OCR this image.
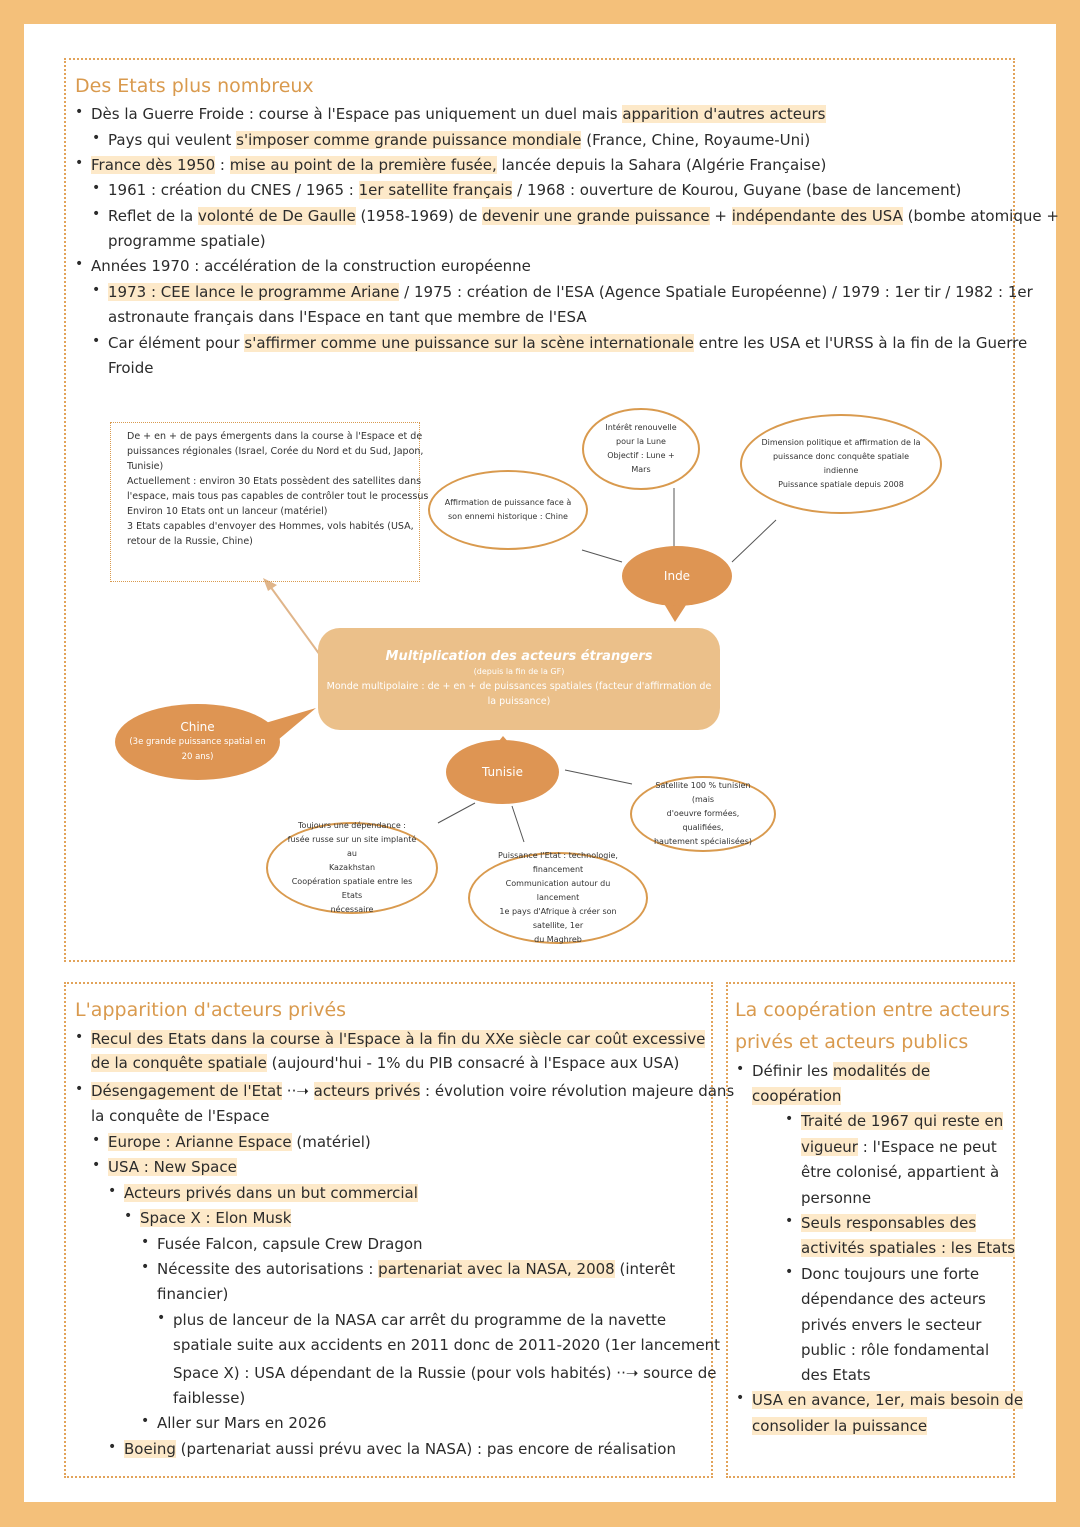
Des Etats plus nombreux
• Dès la Guerre Froide : course à l'Espace pas uniquement un duel mais apparition d'autres acteurs
• Pays qui veulent s'imposer comme grande puissance mondiale (France, Chine, Royaume-Uni)
• France dès 1950 : mise au point de la première fusée, lancée depuis la Sahara (Algérie Française)
• 1961 : création du CNES / 1965 : 1er satellite français / 1968 : ouverture de Kourou, Guyane (base de lancement)
• Reflet de la volonté de De Gaulle (1958-1969) de devenir une grande puissance + indépendante des USA (bombe atomique +
programme spatiale)
• Années 1970 : accélération de la construction européenne
• 1973 : CEE lance le programme Ariane / 1975 : création de l'ESA (Agence Spatiale Européenne) / 1979 : 1er tir / 1982 : 1er
astronaute français dans l'Espace en tant que membre de l'ESA
• Car élément pour s'affirmer comme une puissance sur la scène internationale entre les USA et l'URSS à la fin de la Guerre
Froide
De + en + de pays émergents dans la course à l'Espace et de
puissances régionales (Israel, Corée du Nord et du Sud, Japon,
Tunisie)
Actuellement : environ 30 Etats possèdent des satellites dans
l'espace, mais tous pas capables de contrôler tout le processus
Environ 10 Etats ont un lanceur (matériel)
3 Etats capables d'envoyer des Hommes, vols habités (USA,
retour de la Russie, Chine)
Multiplication des acteurs étrangers
(depuis la fin de la GF)
Monde multipolaire : de + en + de puissances spatiales (facteur d'affirmation de la puissance)
Inde
Affirmation de puissance face à son ennemi historique : Chine
Intérêt renouvelle
pour la Lune
Objectif : Lune + Mars
Dimension politique et affirmation de la
puissance donc conquête spatiale indienne
Puissance spatiale depuis 2008
Chine
(3e grande puissance spatial en 20 ans)
Tunisie
Toujours une dépendance :
fusée russe sur un site implanté au
Kazakhstan
Coopération spatiale entre les Etats
nécessaire
Puissance l'Etat : technologie,
financement
Communication autour du lancement
1e pays d'Afrique à créer son satellite, 1er
du Maghreb
Satellite 100 % tunisien (mais
d'oeuvre formées, qualifiées,
hautement spécialisées)
L'apparition d'acteurs privés
• Recul des Etats dans la course à l'Espace à la fin du XXe siècle car coût excessive
de la conquête spatiale (aujourd'hui - 1% du PIB consacré à l'Espace aux USA)
• Désengagement de l'Etat ··➝ acteurs privés : évolution voire révolution majeure dans
la conquête de l'Espace
• Europe : Arianne Espace (matériel)
• USA : New Space
• Acteurs privés dans un but commercial
• Space X : Elon Musk
• Fusée Falcon, capsule Crew Dragon
• Nécessite des autorisations : partenariat avec la NASA, 2008 (interêt
financier)
• plus de lanceur de la NASA car arrêt du programme de la navette
spatiale suite aux accidents en 2011 donc de 2011-2020 (1er lancement
Space X) : USA dépendant de la Russie (pour vols habités) ··➝ source de
faiblesse)
• Aller sur Mars en 2026
• Boeing (partenariat aussi prévu avec la NASA) : pas encore de réalisation
La coopération entre acteurs
privés et acteurs publics
• Définir les modalités de
coopération
• Traité de 1967 qui reste en
vigueur : l'Espace ne peut
être colonisé, appartient à
personne
• Seuls responsables des
activités spatiales : les Etats
• Donc toujours une forte
dépendance des acteurs
privés envers le secteur
public : rôle fondamental
des Etats
• USA en avance, 1er, mais besoin de
consolider la puissance
